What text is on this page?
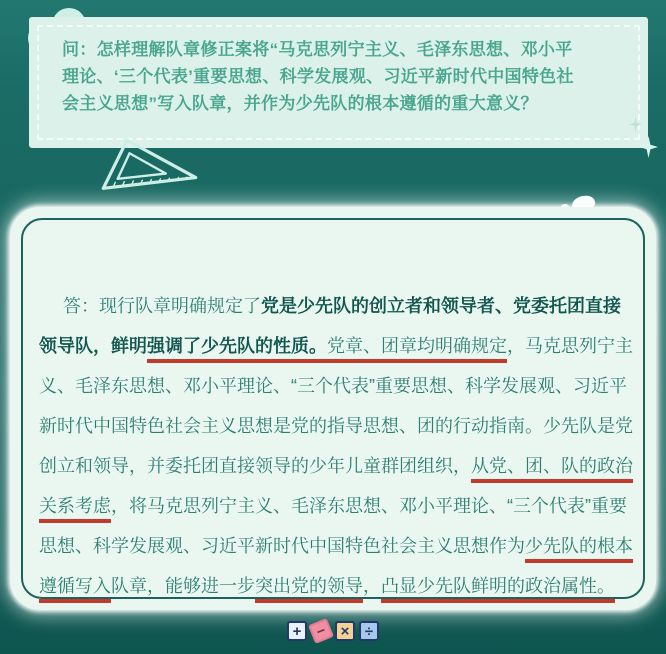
问：怎样理解队章修正案将“马克思列宁主义、毛泽东思想、邓小平理论、‘三个代表’重要思想、科学发展观、习近平新时代中国特色社会主义思想”写入队章，并作为少先队的根本遵循的重大意义？

答：现行队章明确规定了党是少先队的创立者和领导者、党委托团直接领导队，鲜明强调了少先队的性质。党章、团章均明确规定，马克思列宁主义、毛泽东思想、邓小平理论、“三个代表”重要思想、科学发展观、习近平新时代中国特色社会主义思想是党的指导思想、团的行动指南。少先队是党创立和领导，并委托团直接领导的少年儿童群团组织，从党、团、队的政治关系考虑，将马克思列宁主义、毛泽东思想、邓小平理论、“三个代表”重要思想、科学发展观、习近平新时代中国特色社会主义思想作为少先队的根本遵循写入队章，能够进一步突出党的领导，凸显少先队鲜明的政治属性。

+ − ×	÷
